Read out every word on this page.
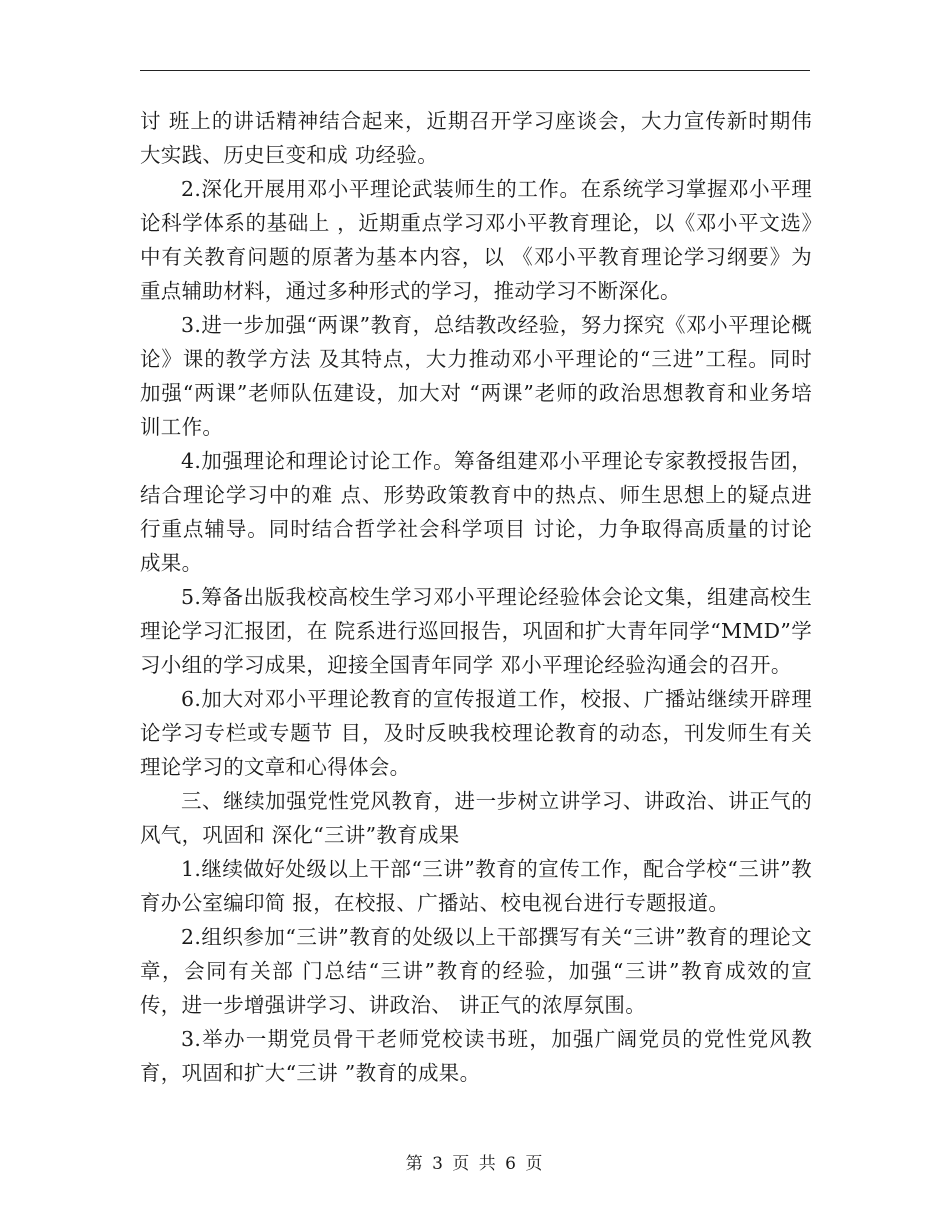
讨 班上的讲话精神结合起来，近期召开学习座谈会，大力宣传新时期伟大实践、历史巨变和成 功经验。

2.深化开展用邓小平理论武装师生的工作。在系统学习掌握邓小平理论科学体系的基础上 ，近期重点学习邓小平教育理论，以《邓小平文选》中有关教育问题的原著为基本内容，以 《邓小平教育理论学习纲要》为重点辅助材料，通过多种形式的学习，推动学习不断深化。

3.进一步加强“两课”教育，总结教改经验，努力探究《邓小平理论概论》课的教学方法 及其特点，大力推动邓小平理论的“三进”工程。同时加强“两课”老师队伍建设，加大对 “两课”老师的政治思想教育和业务培训工作。

4.加强理论和理论讨论工作。筹备组建邓小平理论专家教授报告团，结合理论学习中的难 点、形势政策教育中的热点、师生思想上的疑点进行重点辅导。同时结合哲学社会科学项目 讨论，力争取得高质量的讨论成果。

5.筹备出版我校高校生学习邓小平理论经验体会论文集，组建高校生理论学习汇报团，在 院系进行巡回报告，巩固和扩大青年同学“MMD”学习小组的学习成果，迎接全国青年同学 邓小平理论经验沟通会的召开。

6.加大对邓小平理论教育的宣传报道工作，校报、广播站继续开辟理论学习专栏或专题节 目，及时反映我校理论教育的动态，刊发师生有关理论学习的文章和心得体会。

三、继续加强党性党风教育，进一步树立讲学习、讲政治、讲正气的风气，巩固和 深化“三讲”教育成果

1.继续做好处级以上干部“三讲”教育的宣传工作，配合学校“三讲”教育办公室编印简 报，在校报、广播站、校电视台进行专题报道。

2.组织参加“三讲”教育的处级以上干部撰写有关“三讲”教育的理论文章，会同有关部 门总结“三讲”教育的经验，加强“三讲”教育成效的宣传，进一步增强讲学习、讲政治、 讲正气的浓厚氛围。

3.举办一期党员骨干老师党校读书班，加强广阔党员的党性党风教育，巩固和扩大“三讲 ”教育的成果。

第 3 页 共 6 页
